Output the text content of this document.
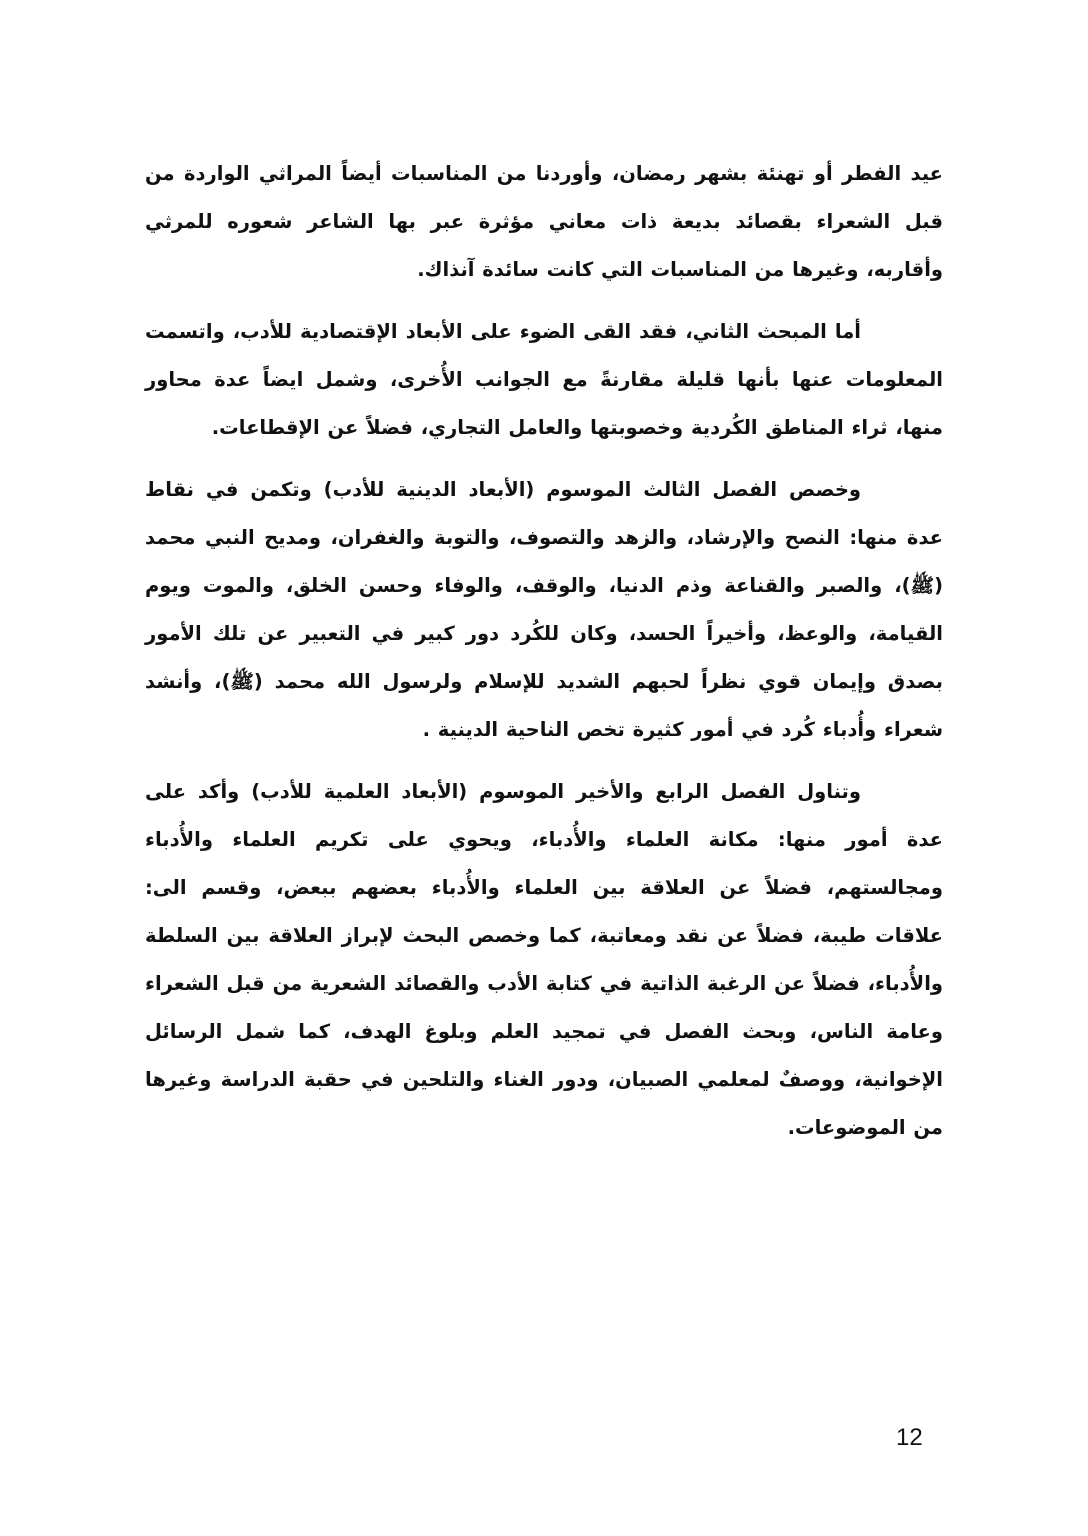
عيد الفطر أو تهنئة بشهر رمضان، وأوردنا من المناسبات أيضاً المراثي الواردة من قبل الشعراء بقصائد بديعة ذات معاني مؤثرة عبر بها الشاعر شعوره للمرثي وأقاربه، وغيرها من المناسبات التي كانت سائدة آنذاك.

أما المبحث الثاني، فقد القى الضوء على الأبعاد الإقتصادية للأدب، واتسمت المعلومات عنها بأنها قليلة مقارنةً مع الجوانب الأُخرى، وشمل ايضاً عدة محاور منها، ثراء المناطق الكُردية وخصوبتها والعامل التجاري، فضلاً عن الإقطاعات.

وخصص الفصل الثالث الموسوم (الأبعاد الدينية للأدب) وتكمن في نقاط عدة منها: النصح والإرشاد، والزهد والتصوف، والتوبة والغفران، ومديح النبي محمد (ﷺ)، والصبر والقناعة وذم الدنيا، والوقف، والوفاء وحسن الخلق، والموت ويوم القيامة، والوعظ، وأخيراً الحسد، وكان للكُرد دور كبير في التعبير عن تلك الأمور بصدق وإيمان قوي نظراً لحبهم الشديد للإسلام ولرسول الله محمد (ﷺ)، وأنشد شعراء وأُدباء كُرد في أمور كثيرة تخص الناحية الدينية .

وتناول الفصل الرابع والأخير الموسوم (الأبعاد العلمية للأدب) وأكد على عدة أمور منها: مكانة العلماء والأُدباء، ويحوي على تكريم العلماء والأُدباء ومجالستهم، فضلاً عن العلاقة بين العلماء والأُدباء بعضهم ببعض، وقسم الى: علاقات طيبة، فضلاً عن نقد ومعاتبة، كما وخصص البحث لإبراز العلاقة بين السلطة والأُدباء، فضلاً عن الرغبة الذاتية في كتابة الأدب والقصائد الشعرية من قبل الشعراء وعامة الناس، وبحث الفصل في تمجيد العلم وبلوغ الهدف، كما شمل الرسائل الإخوانية، ووصفٌ لمعلمي الصبيان، ودور الغناء والتلحين في حقبة الدراسة وغيرها من الموضوعات.

12
